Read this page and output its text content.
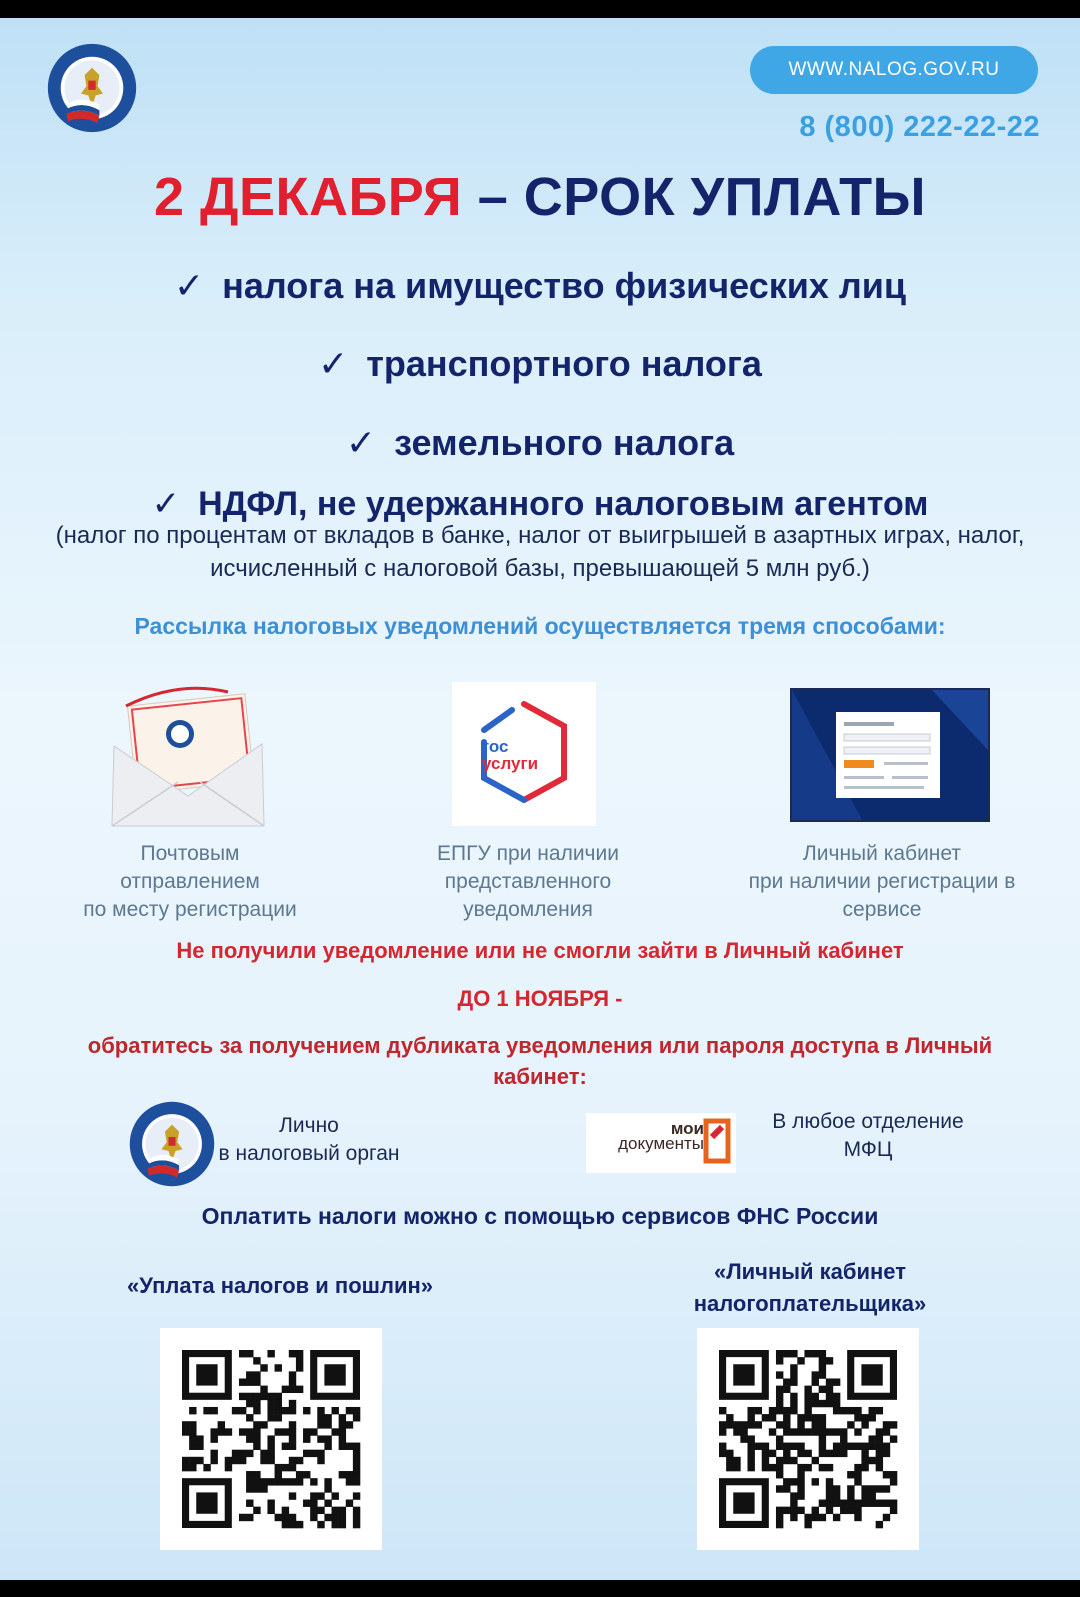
WWW.NALOG.GOV.RU
8 (800) 222-22-22
2 ДЕКАБРЯ – СРОК УПЛАТЫ
✓ налога на имущество физических лиц
✓ транспортного налога
✓ земельного налога
✓ НДФЛ, не удержанного налоговым агентом
(налог по процентам от вкладов в банке, налог от выигрышей в азартных играх, налог, исчисленный с налоговой базы, превышающей 5 млн руб.)
Рассылка налоговых уведомлений осуществляется тремя способами:
гос
услуги
Почтовым
отправлением
по месту регистрации
ЕПГУ при наличии
представленного
уведомления
Личный кабинет
при наличии регистрации в
сервисе
Не получили уведомление или не смогли зайти в Личный кабинет
ДО 1 НОЯБРЯ -
обратитесь за получением дубликата уведомления или пароля доступа в Личный кабинет:
Лично
в налоговый орган
мои
документы
В любое отделение
МФЦ
Оплатить налоги можно с помощью сервисов ФНС России
«Уплата налогов и пошлин»
«Личный кабинет
налогоплательщика»
